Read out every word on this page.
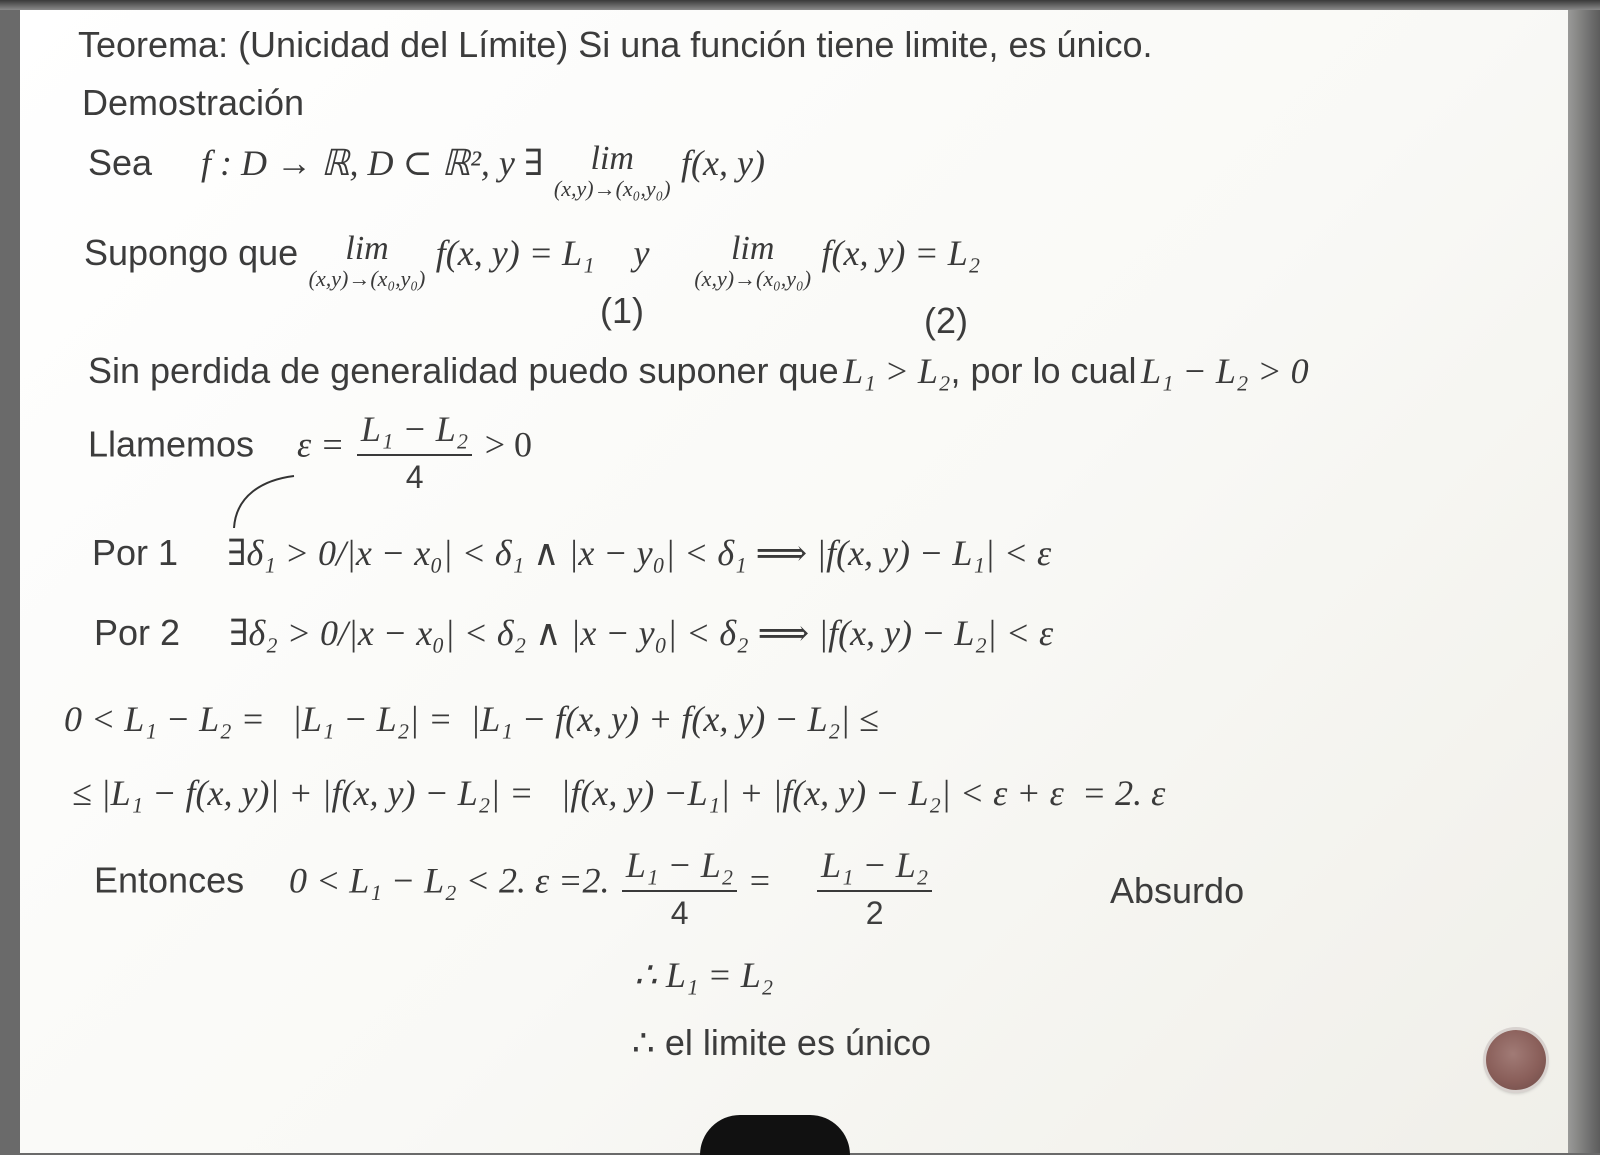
Teorema: (Unicidad del Límite) Si una función tiene limite, es único.
Demostración
Sea f : D → ℝ, D ⊂ ℝ², y ∃ lim
(x,y)→(x₀,y₀)
f(x, y)
Supongo que lim
(x,y)→(x₀,y₀)
f(x, y) = L₁ y lim
(x,y)→(x₀,y₀)
f(x, y) = L₂
(1)	(2)
Sin perdida de generalidad puedo suponer que L₁ > L₂, por lo cual L₁ − L₂ > 0
Llamemos $\varepsilon = \frac{\text{L₁ − L₂}}{4} > 0$
Por 1 ∃δ₁ > 0/|x − x₀| < δ₁ ∧ |x − y₀| < δ₁ ⟹ |f(x, y) − L₁| < ε
Por 2 ∃δ₂ > 0/|x − x₀| < δ₂ ∧ |x − y₀| < δ₂ ⟹ |f(x, y) − L₂| < ε
0 < L₁ − L₂ =   |L₁ − L₂| =  |L₁ − f(x, y) + f(x, y) − L₂| ≤
≤ |L₁ − f(x, y)| + |f(x, y) − L₂| =   |f(x, y) −L₁| + |f(x, y) − L₂| < ε + ε  = 2. ε
Entonces 0 < L₁ − L₂ < 2. ε =2. $\frac{\text{L₁ − L₂}}{4} = \frac{\text{L₁ − L₂}}{2}$	Absurdo
∴ L₁ = L₂
∴ el limite es único
